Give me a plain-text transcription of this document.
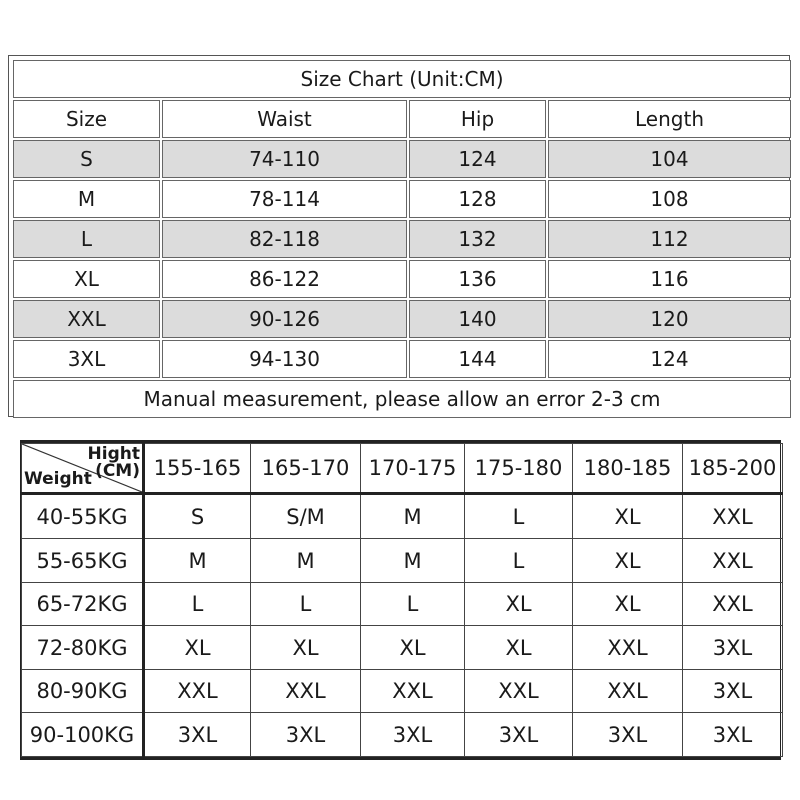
Size Chart (Unit:CM)			
Size	Waist	Hip	Length
S	74-110	124	104
M	78-114	128	108
L	82-118	132	112
XL	86-122	136	116
XXL	90-126	140	120
3XL	94-130	144	124
Manual measurement, please allow an error 2-3 cm			
Hight
(CM)
Weight	155-165	165-170	170-175	175-180	180-185	185-200
40-55KG	S	S/M	M	L	XL	XXL
55-65KG	M	M	M	L	XL	XXL
65-72KG	L	L	L	XL	XL	XXL
72-80KG	XL	XL	XL	XL	XXL	3XL
80-90KG	XXL	XXL	XXL	XXL	XXL	3XL
90-100KG	3XL	3XL	3XL	3XL	3XL	3XL
